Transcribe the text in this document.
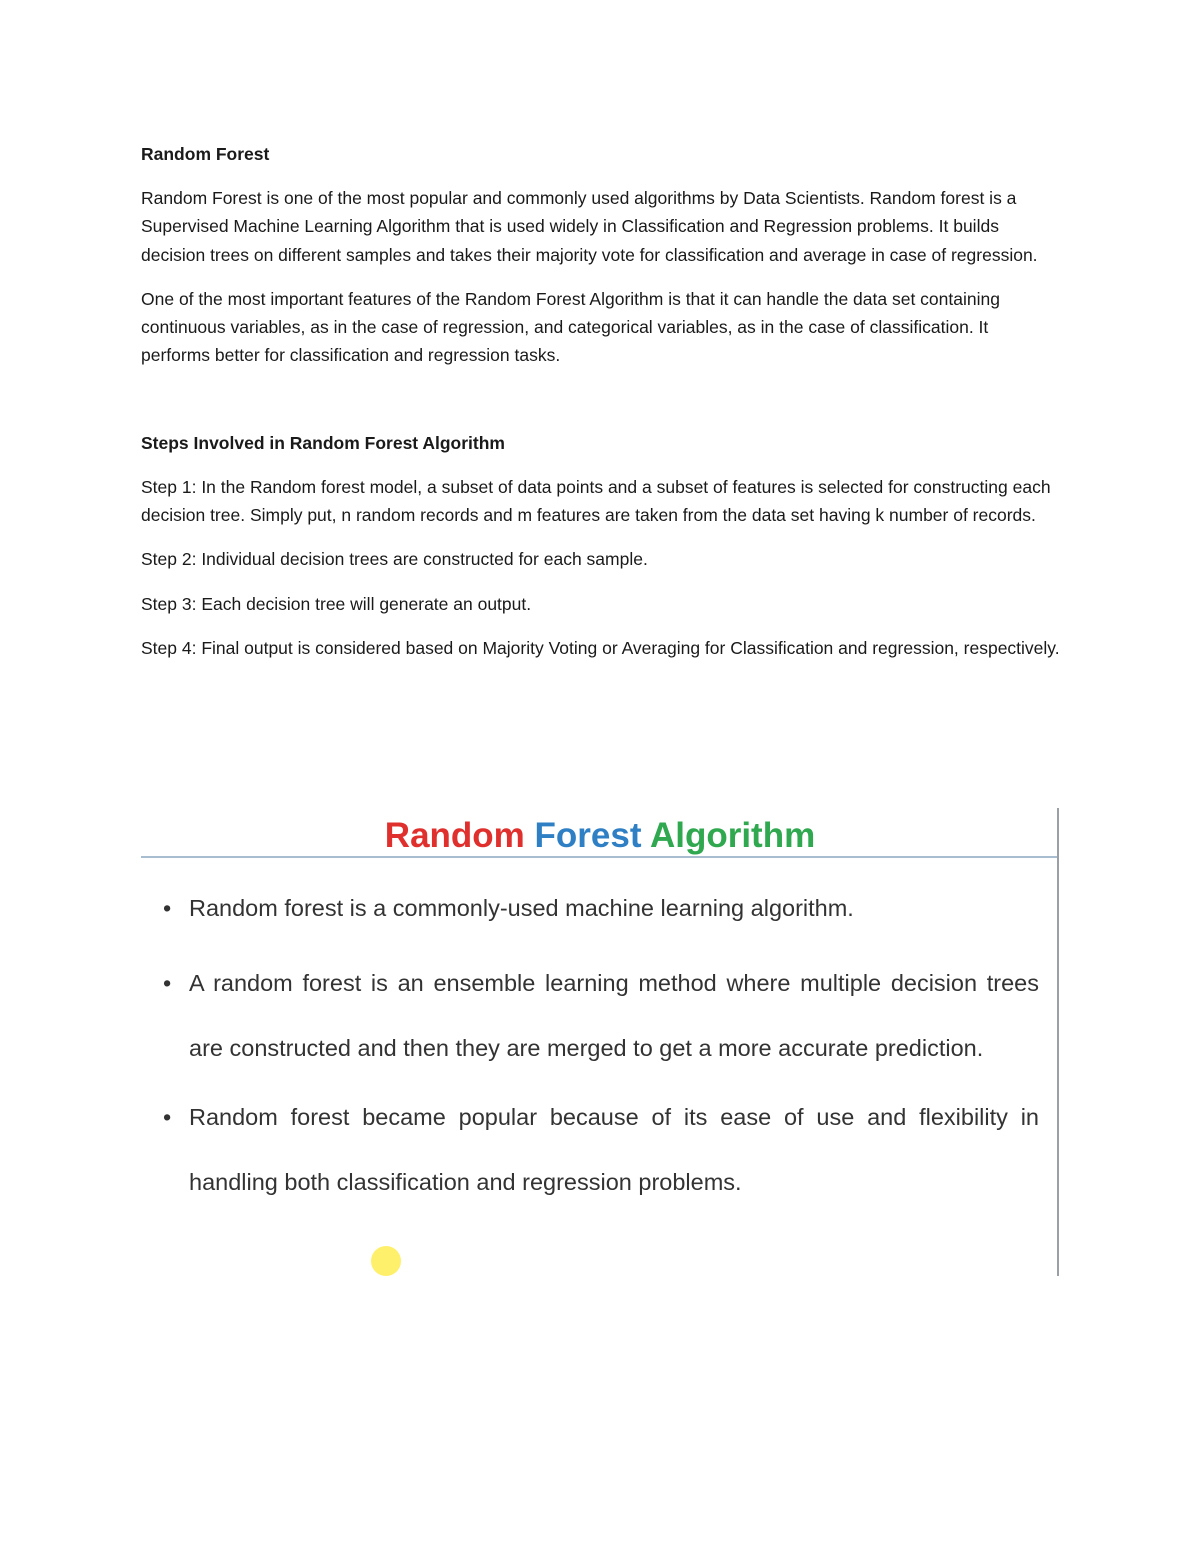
Random Forest

Random Forest is one of the most popular and commonly used algorithms by Data Scientists. Random forest is a Supervised Machine Learning Algorithm that is used widely in Classification and Regression problems. It builds decision trees on different samples and takes their majority vote for classification and average in case of regression.

One of the most important features of the Random Forest Algorithm is that it can handle the data set containing continuous variables, as in the case of regression, and categorical variables, as in the case of classification. It performs better for classification and regression tasks.

Steps Involved in Random Forest Algorithm

Step 1: In the Random forest model, a subset of data points and a subset of features is selected for constructing each decision tree. Simply put, n random records and m features are taken from the data set having k number of records.

Step 2: Individual decision trees are constructed for each sample.

Step 3: Each decision tree will generate an output.

Step 4: Final output is considered based on Majority Voting or Averaging for Classification and regression, respectively.

Random Forest Algorithm
• Random forest is a commonly-used machine learning algorithm.
• A random forest is an ensemble learning method where multiple decision trees are constructed and then they are merged to get a more accurate prediction.
• Random forest became popular because of its ease of use and flexibility in handling both classification and regression problems.
